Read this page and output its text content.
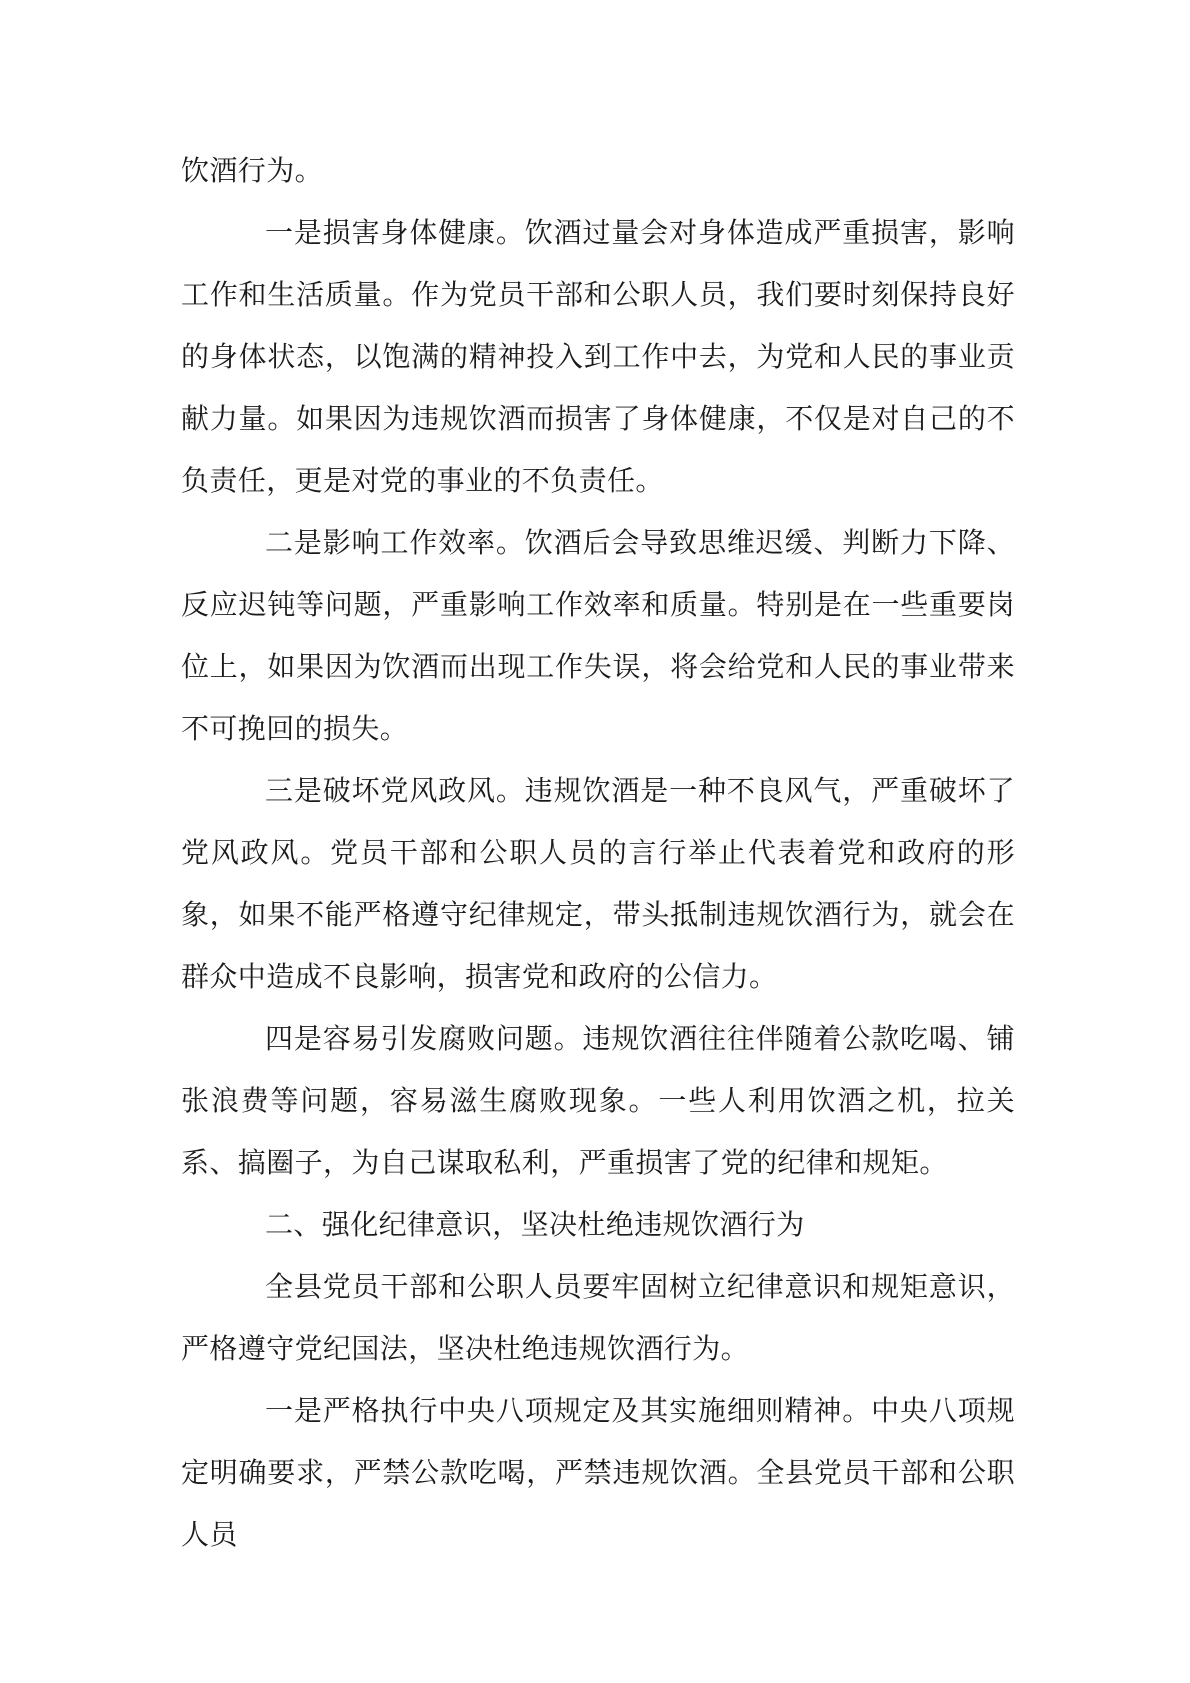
饮酒行为。

一是损害身体健康。饮酒过量会对身体造成严重损害，影响工作和生活质量。作为党员干部和公职人员，我们要时刻保持良好的身体状态，以饱满的精神投入到工作中去，为党和人民的事业贡献力量。如果因为违规饮酒而损害了身体健康，不仅是对自己的不负责任，更是对党的事业的不负责任。

二是影响工作效率。饮酒后会导致思维迟缓、判断力下降、反应迟钝等问题，严重影响工作效率和质量。特别是在一些重要岗位上，如果因为饮酒而出现工作失误，将会给党和人民的事业带来不可挽回的损失。

三是破坏党风政风。违规饮酒是一种不良风气，严重破坏了党风政风。党员干部和公职人员的言行举止代表着党和政府的形象，如果不能严格遵守纪律规定，带头抵制违规饮酒行为，就会在群众中造成不良影响，损害党和政府的公信力。

四是容易引发腐败问题。违规饮酒往往伴随着公款吃喝、铺张浪费等问题，容易滋生腐败现象。一些人利用饮酒之机，拉关系、搞圈子，为自己谋取私利，严重损害了党的纪律和规矩。

二、强化纪律意识，坚决杜绝违规饮酒行为

全县党员干部和公职人员要牢固树立纪律意识和规矩意识，严格遵守党纪国法，坚决杜绝违规饮酒行为。

一是严格执行中央八项规定及其实施细则精神。中央八项规定明确要求，严禁公款吃喝，严禁违规饮酒。全县党员干部和公职人员
